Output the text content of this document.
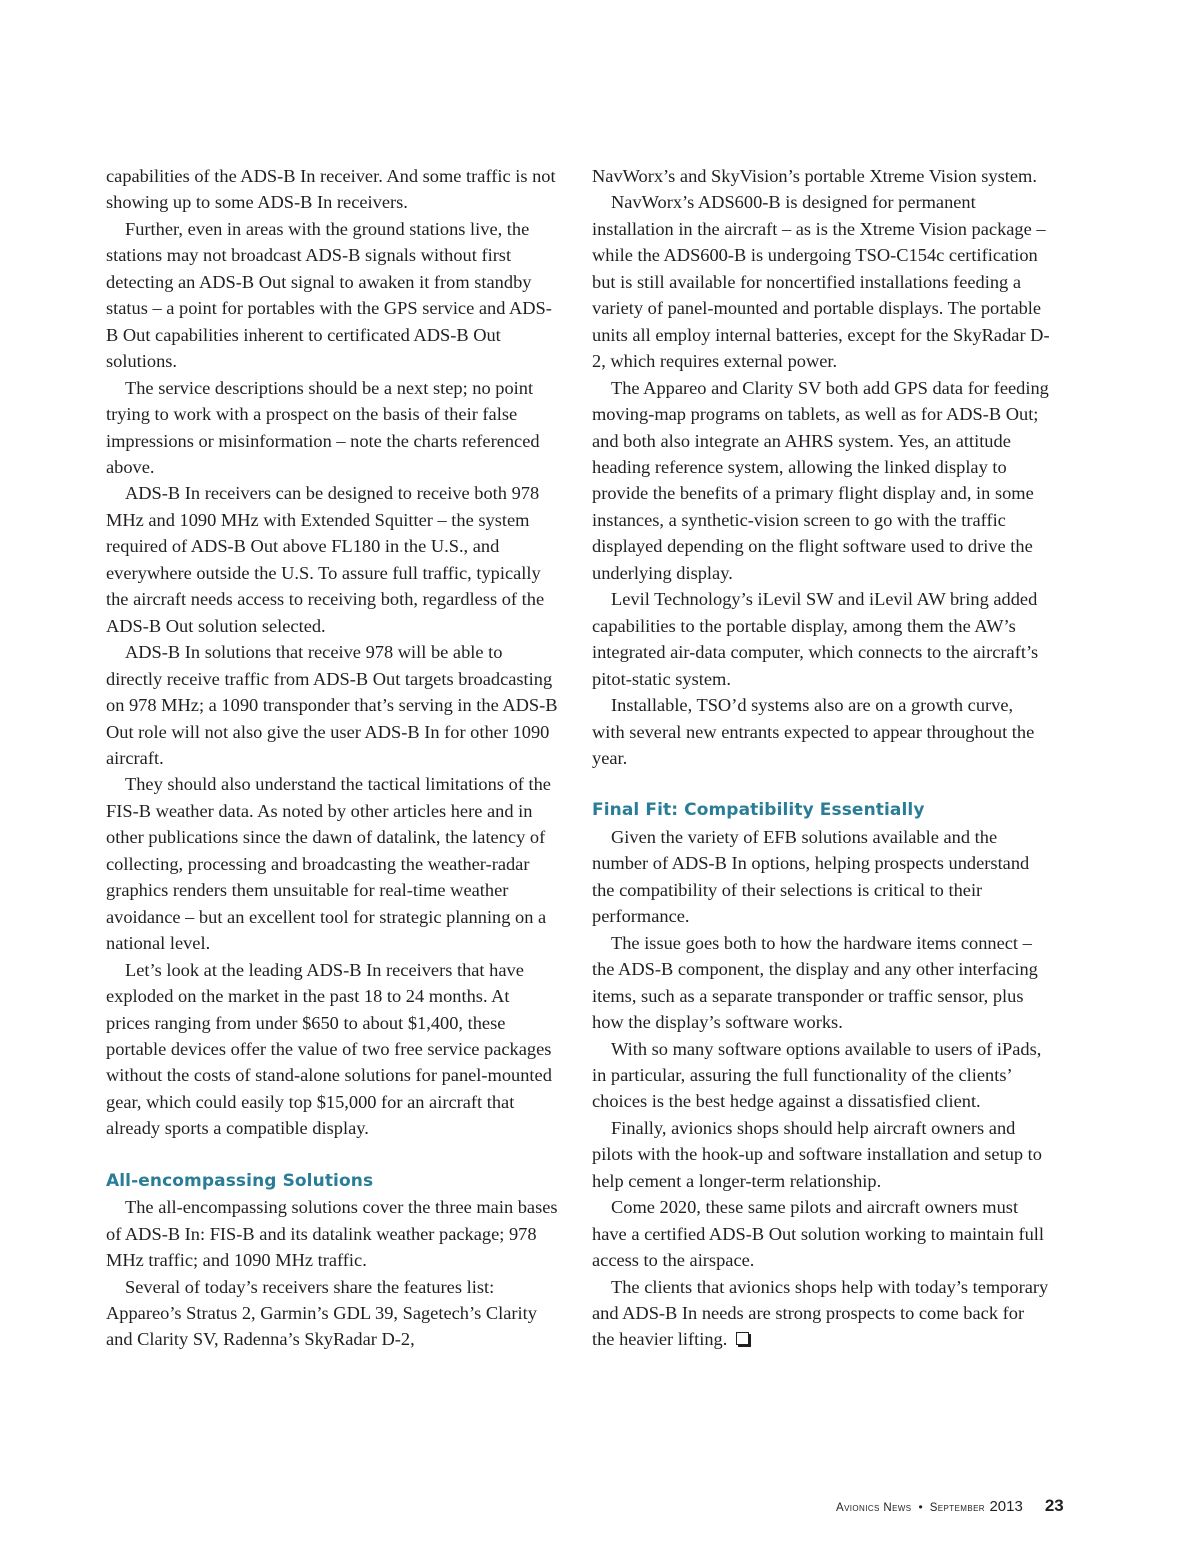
capabilities of the ADS-B In receiver. And some traffic is not showing up to some ADS-B In receivers.

Further, even in areas with the ground stations live, the stations may not broadcast ADS-B signals without first detecting an ADS-B Out signal to awaken it from standby status – a point for portables with the GPS service and ADS-B Out capabilities inherent to certificated ADS-B Out solutions.

The service descriptions should be a next step; no point trying to work with a prospect on the basis of their false impressions or misinformation – note the charts referenced above.

ADS-B In receivers can be designed to receive both 978 MHz and 1090 MHz with Extended Squitter – the system required of ADS-B Out above FL180 in the U.S., and everywhere outside the U.S. To assure full traffic, typically the aircraft needs access to receiving both, regardless of the ADS-B Out solution selected.

ADS-B In solutions that receive 978 will be able to directly receive traffic from ADS-B Out targets broadcasting on 978 MHz; a 1090 transponder that’s serving in the ADS-B Out role will not also give the user ADS-B In for other 1090 aircraft.

They should also understand the tactical limitations of the FIS-B weather data. As noted by other articles here and in other publications since the dawn of datalink, the latency of collecting, processing and broadcasting the weather-radar graphics renders them unsuitable for real-time weather avoidance – but an excellent tool for strategic planning on a national level.

Let’s look at the leading ADS-B In receivers that have exploded on the market in the past 18 to 24 months. At prices ranging from under $650 to about $1,400, these portable devices offer the value of two free service packages without the costs of stand-alone solutions for panel-mounted gear, which could easily top $15,000 for an aircraft that already sports a compatible display.

All-encompassing Solutions

The all-encompassing solutions cover the three main bases of ADS-B In: FIS-B and its datalink weather package; 978 MHz traffic; and 1090 MHz traffic.

Several of today’s receivers share the features list: Appareo’s Stratus 2, Garmin’s GDL 39, Sagetech’s Clarity and Clarity SV, Radenna’s SkyRadar D-2,

NavWorx’s and SkyVision’s portable Xtreme Vision system.

NavWorx’s ADS600-B is designed for permanent installation in the aircraft – as is the Xtreme Vision package – while the ADS600-B is undergoing TSO-C154c certification but is still available for noncertified installations feeding a variety of panel-mounted and portable displays. The portable units all employ internal batteries, except for the SkyRadar D-2, which requires external power.

The Appareo and Clarity SV both add GPS data for feeding moving-map programs on tablets, as well as for ADS-B Out; and both also integrate an AHRS system. Yes, an attitude heading reference system, allowing the linked display to provide the benefits of a primary flight display and, in some instances, a synthetic-vision screen to go with the traffic displayed depending on the flight software used to drive the underlying display.

Levil Technology’s iLevil SW and iLevil AW bring added capabilities to the portable display, among them the AW’s integrated air-data computer, which connects to the aircraft’s pitot-static system.

Installable, TSO’d systems also are on a growth curve, with several new entrants expected to appear throughout the year.

Final Fit: Compatibility Essentially

Given the variety of EFB solutions available and the number of ADS-B In options, helping prospects understand the compatibility of their selections is critical to their performance.

The issue goes both to how the hardware items connect – the ADS-B component, the display and any other interfacing items, such as a separate transponder or traffic sensor, plus how the display’s software works.

With so many software options available to users of iPads, in particular, assuring the full functionality of the clients’ choices is the best hedge against a dissatisfied client.

Finally, avionics shops should help aircraft owners and pilots with the hook-up and software installation and setup to help cement a longer-term relationship.

Come 2020, these same pilots and aircraft owners must have a certified ADS-B Out solution working to maintain full access to the airspace.

The clients that avionics shops help with today’s temporary and ADS-B In needs are strong prospects to come back for the heavier lifting.

Avionics News • September 2013 23
